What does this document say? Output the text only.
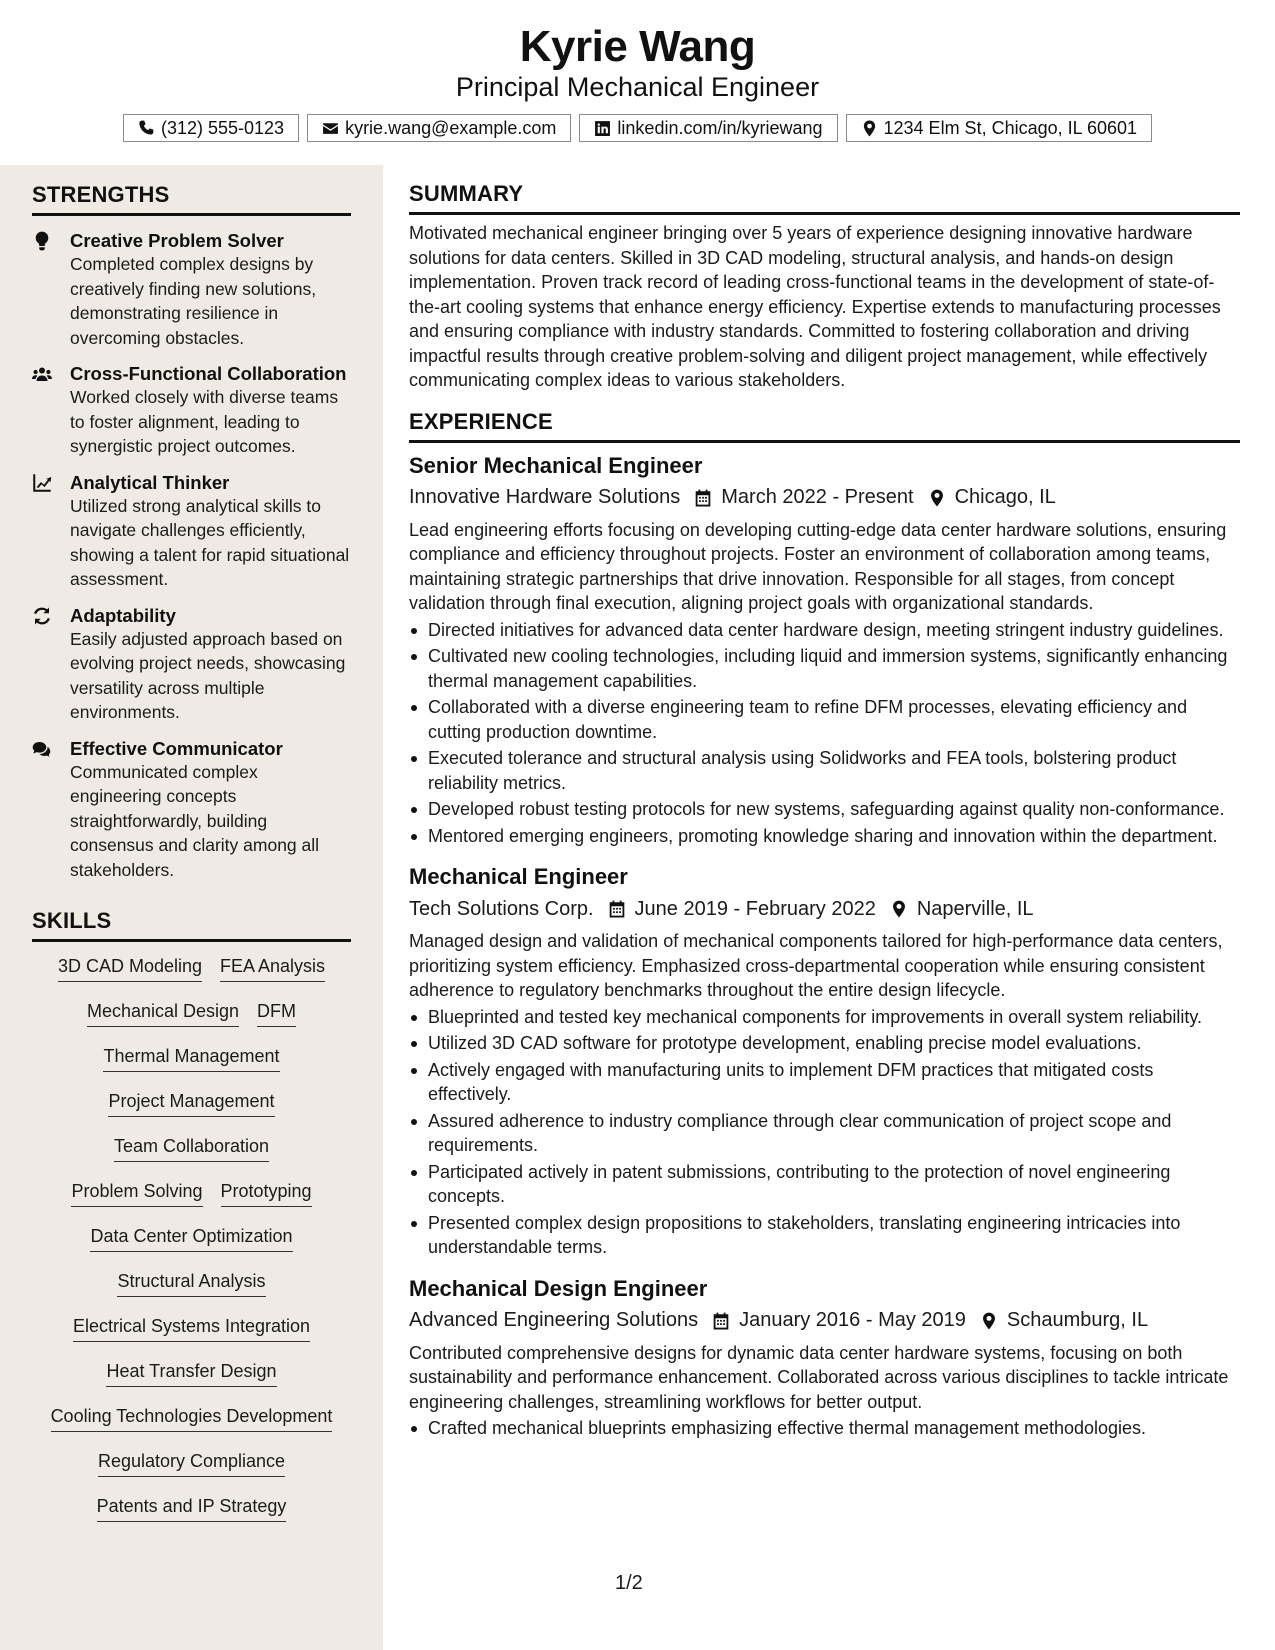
Kyrie Wang
Principal Mechanical Engineer
(312) 555-0123	kyrie.wang@example.com	linkedin.com/in/kyriewang	1234 Elm St, Chicago, IL 60601
STRENGTHS
Creative Problem Solver
Completed complex designs by creatively finding new solutions, demonstrating resilience in overcoming obstacles.
Cross-Functional Collaboration
Worked closely with diverse teams to foster alignment, leading to synergistic project outcomes.
Analytical Thinker
Utilized strong analytical skills to navigate challenges efficiently, showing a talent for rapid situational assessment.
Adaptability
Easily adjusted approach based on evolving project needs, showcasing versatility across multiple environments.
Effective Communicator
Communicated complex engineering concepts straightforwardly, building consensus and clarity among all stakeholders.
SKILLS
3D CAD Modeling FEA Analysis
Mechanical Design DFM
Thermal Management
Project Management
Team Collaboration
Problem Solving Prototyping
Data Center Optimization
Structural Analysis
Electrical Systems Integration
Heat Transfer Design
Cooling Technologies Development
Regulatory Compliance
Patents and IP Strategy
SUMMARY
Motivated mechanical engineer bringing over 5 years of experience designing innovative hardware solutions for data centers. Skilled in 3D CAD modeling, structural analysis, and hands-on design implementation. Proven track record of leading cross-functional teams in the development of state-of-the-art cooling systems that enhance energy efficiency. Expertise extends to manufacturing processes and ensuring compliance with industry standards. Committed to fostering collaboration and driving impactful results through creative problem-solving and diligent project management, while effectively communicating complex ideas to various stakeholders.
EXPERIENCE
Senior Mechanical Engineer
Innovative Hardware Solutions March 2022 - Present Chicago, IL
Lead engineering efforts focusing on developing cutting-edge data center hardware solutions, ensuring compliance and efficiency throughout projects. Foster an environment of collaboration among teams, maintaining strategic partnerships that drive innovation. Responsible for all stages, from concept validation through final execution, aligning project goals with organizational standards.
Directed initiatives for advanced data center hardware design, meeting stringent industry guidelines.
Cultivated new cooling technologies, including liquid and immersion systems, significantly enhancing thermal management capabilities.
Collaborated with a diverse engineering team to refine DFM processes, elevating efficiency and cutting production downtime.
Executed tolerance and structural analysis using Solidworks and FEA tools, bolstering product reliability metrics.
Developed robust testing protocols for new systems, safeguarding against quality non-conformance.
Mentored emerging engineers, promoting knowledge sharing and innovation within the department.
Mechanical Engineer
Tech Solutions Corp. June 2019 - February 2022 Naperville, IL
Managed design and validation of mechanical components tailored for high-performance data centers, prioritizing system efficiency. Emphasized cross-departmental cooperation while ensuring consistent adherence to regulatory benchmarks throughout the entire design lifecycle.
Blueprinted and tested key mechanical components for improvements in overall system reliability.
Utilized 3D CAD software for prototype development, enabling precise model evaluations.
Actively engaged with manufacturing units to implement DFM practices that mitigated costs effectively.
Assured adherence to industry compliance through clear communication of project scope and requirements.
Participated actively in patent submissions, contributing to the protection of novel engineering concepts.
Presented complex design propositions to stakeholders, translating engineering intricacies into understandable terms.
Mechanical Design Engineer
Advanced Engineering Solutions January 2016 - May 2019 Schaumburg, IL
Contributed comprehensive designs for dynamic data center hardware systems, focusing on both sustainability and performance enhancement. Collaborated across various disciplines to tackle intricate engineering challenges, streamlining workflows for better output.
Crafted mechanical blueprints emphasizing effective thermal management methodologies.
1/2
